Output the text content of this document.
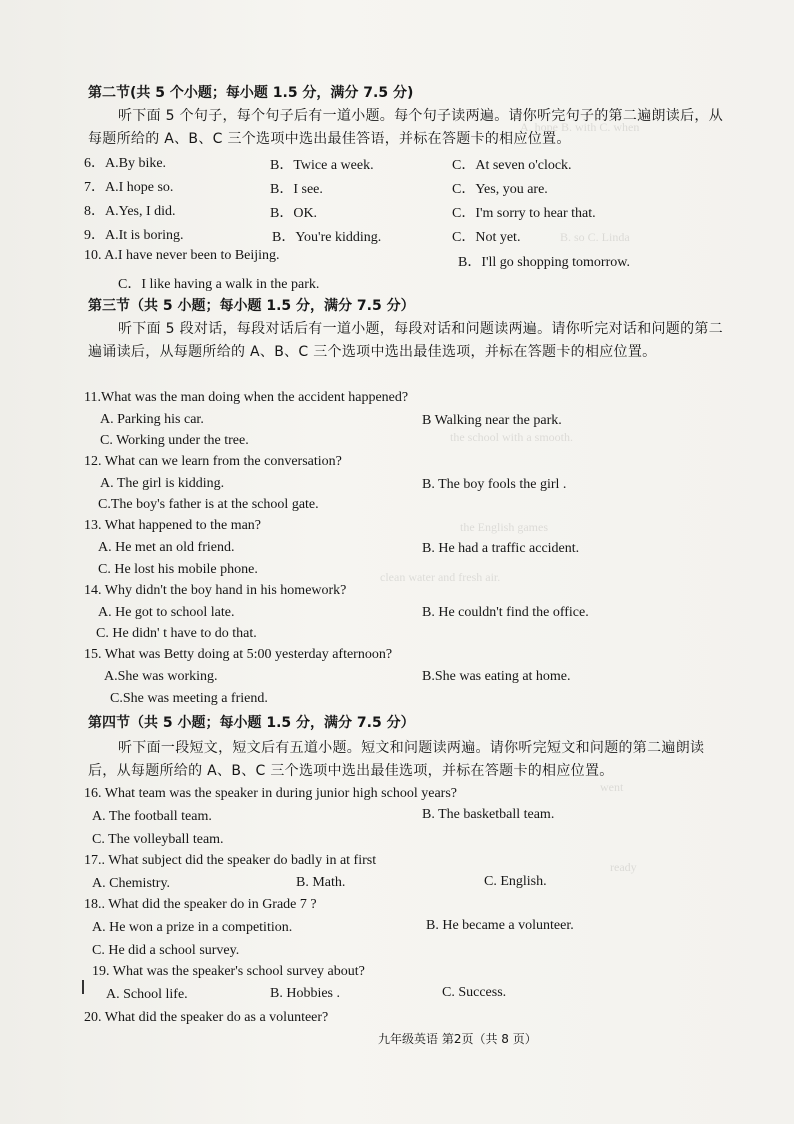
A. hope B. with C. when
B. so C. Linda
the school with a smooth.
the English games
clean water and fresh air.
went
ready
第二节(共 5 个小题；每小题 1.5 分，满分 7.5 分)
听下面 5 个句子，每个句子后有一道小题。每个句子读两遍。请你听完句子的第二遍朗读后，从每题所给的 A、B、C 三个选项中选出最佳答语，并标在答题卡的相应位置。
6．A.By bike.	B．Twice a week.	C．At seven o'clock.
7．A.I hope so.	B．I see.	C．Yes, you are.
8．A.Yes, I did.	B．OK.	C．I'm sorry to hear that.
9．A.It is boring.	B．You're kidding.	C．Not yet.
10. A.I have never been to Beijing.	B．I'll go shopping tomorrow.
C．I like having a walk in the park.
第三节（共 5 小题；每小题 1.5 分，满分 7.5 分）
听下面 5 段对话，每段对话后有一道小题，每段对话和问题读两遍。请你听完对话和问题的第二遍诵读后，从每题所给的 A、B、C 三个选项中选出最佳选项，并标在答题卡的相应位置。
11.What was the man doing when the accident happened?
A. Parking his car.	B Walking near the park.
C. Working under the tree.
12. What can we learn from the conversation?
A. The girl is kidding.	B. The boy fools the girl .
C.The boy's father is at the school gate.
13. What happened to the man?
A. He met an old friend.	B. He had a traffic accident.
C. He lost his mobile phone.
14. Why didn't the boy hand in his homework?
A. He got to school late.	B. He couldn't find the office.
C. He didn' t have to do that.
15. What was Betty doing at 5:00 yesterday afternoon?
A.She was working.	B.She was eating at home.
C.She was meeting a friend.
第四节（共 5 小题；每小题 1.5 分，满分 7.5 分）
听下面一段短文，短文后有五道小题。短文和问题读两遍。请你听完短文和问题的第二遍朗读后，从每题所给的 A、B、C 三个选项中选出最佳选项，并标在答题卡的相应位置。
16. What team was the speaker in during junior high school years?
A. The football team.	B. The basketball team.
C. The volleyball team.
17.. What subject did the speaker do badly in at first
A. Chemistry.	B. Math.	C. English.
18.. What did the speaker do in Grade 7 ?
A. He won a prize in a competition.	B. He became a volunteer.
C. He did a school survey.
19. What was the speaker's school survey about?
A. School life.	B. Hobbies .	C. Success.
20. What did the speaker do as a volunteer?
九年级英语 第2页（共 8 页）
